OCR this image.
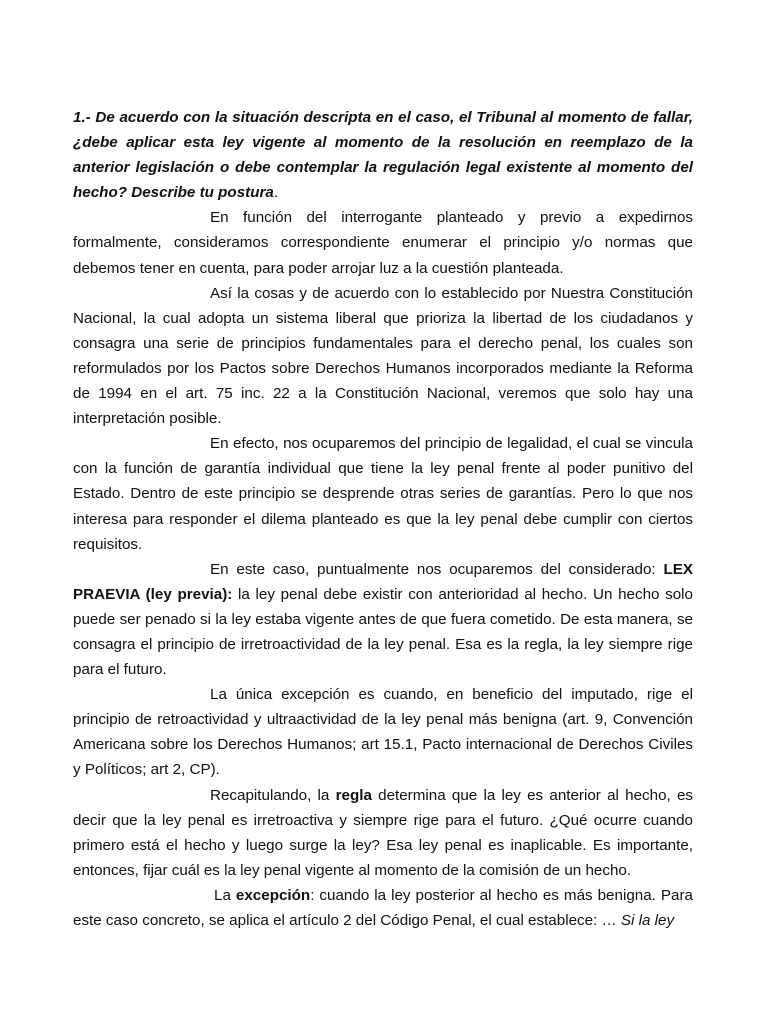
1.- De acuerdo con la situación descripta en el caso, el Tribunal al momento de fallar, ¿debe aplicar esta ley vigente al momento de la resolución en reemplazo de la anterior legislación o debe contemplar la regulación legal existente al momento del hecho? Describe tu postura.

En función del interrogante planteado y previo a expedirnos formalmente, consideramos correspondiente enumerar el principio y/o normas que debemos tener en cuenta, para poder arrojar luz a la cuestión planteada.

Así la cosas y de acuerdo con lo establecido por Nuestra Constitución Nacional, la cual adopta un sistema liberal que prioriza la libertad de los ciudadanos y consagra una serie de principios fundamentales para el derecho penal, los cuales son reformulados por los Pactos sobre Derechos Humanos incorporados mediante la Reforma de 1994 en el art. 75 inc. 22 a la Constitución Nacional, veremos que solo hay una interpretación posible.

En efecto, nos ocuparemos del principio de legalidad, el cual se vincula con la función de garantía individual que tiene la ley penal frente al poder punitivo del Estado. Dentro de este principio se desprende otras series de garantías. Pero lo que nos interesa para responder el dilema planteado es que la ley penal debe cumplir con ciertos requisitos.

En este caso, puntualmente nos ocuparemos del considerado: LEX PRAEVIA (ley previa): la ley penal debe existir con anterioridad al hecho. Un hecho solo puede ser penado si la ley estaba vigente antes de que fuera cometido. De esta manera, se consagra el principio de irretroactividad de la ley penal. Esa es la regla, la ley siempre rige para el futuro.

La única excepción es cuando, en beneficio del imputado, rige el principio de retroactividad y ultraactividad de la ley penal más benigna (art. 9, Convención Americana sobre los Derechos Humanos; art 15.1, Pacto internacional de Derechos Civiles y Políticos; art 2, CP).

Recapitulando, la regla determina que la ley es anterior al hecho, es decir que la ley penal es irretroactiva y siempre rige para el futuro. ¿Qué ocurre cuando primero está el hecho y luego surge la ley? Esa ley penal es inaplicable. Es importante, entonces, fijar cuál es la ley penal vigente al momento de la comisión de un hecho.

La excepción: cuando la ley posterior al hecho es más benigna. Para este caso concreto, se aplica el artículo 2 del Código Penal, el cual establece: … Si la ley
